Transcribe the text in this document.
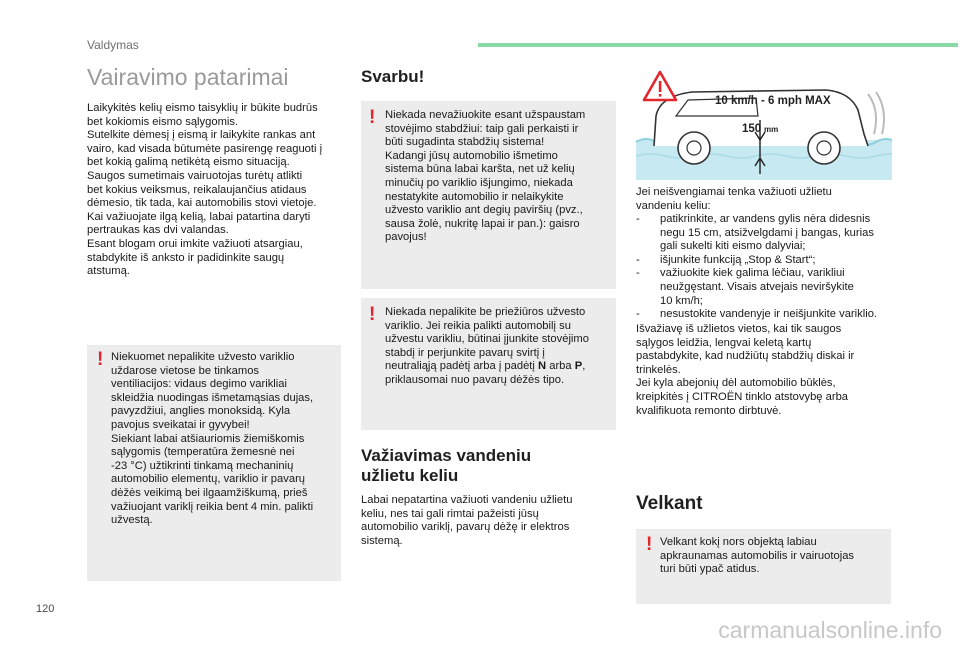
Valdymas
Vairavimo patarimai

Laikykitės kelių eismo taisyklių ir būkite budrūs
bet kokiomis eismo sąlygomis.
Sutelkite dėmesį į eismą ir laikykite rankas ant
vairo, kad visada būtumėte pasirengę reaguoti į
bet kokią galimą netikėtą eismo situaciją.
Saugos sumetimais vairuotojas turėtų atlikti
bet kokius veiksmus, reikalaujančius atidaus
dėmesio, tik tada, kai automobilis stovi vietoje.
Kai važiuojate ilgą kelią, labai patartina daryti
pertraukas kas dvi valandas.
Esant blogam orui imkite važiuoti atsargiau,
stabdykite iš anksto ir padidinkite saugų
atstumą.

! Niekuomet nepalikite užvesto variklio
uždarose vietose be tinkamos
ventiliacijos: vidaus degimo varikliai
skleidžia nuodingas išmetamąsias dujas,
pavyzdžiui, anglies monoksidą. Kyla
pavojus sveikatai ir gyvybei!
Siekiant labai atšiauriomis žiemiškomis
sąlygomis (temperatūra žemesnė nei
-23 °C) užtikrinti tinkamą mechaninių
automobilio elementų, variklio ir pavarų
dėžės veikimą bei ilgaamžiškumą, prieš
važiuojant variklį reikia bent 4 min. palikti
užvestą.

Svarbu!
! Niekada nevažiuokite esant užspaustam
stovėjimo stabdžiui: taip gali perkaisti ir
būti sugadinta stabdžių sistema!
Kadangi jūsų automobilio išmetimo
sistema būna labai karšta, net už kelių
minučių po variklio išjungimo, niekada
nestatykite automobilio ir nelaikykite
užvesto variklio ant degių paviršių (pvz.,
sausa žolė, nukritę lapai ir pan.): gaisro
pavojus!

! Niekada nepalikite be priežiūros užvesto
variklio. Jei reikia palikti automobilį su
užvestu varikliu, būtinai įjunkite stovėjimo
stabdį ir perjunkite pavarų svirtį į
neutraliąją padėtį arba į padėtį N arba P,
priklausomai nuo pavarų dėžės tipo.

Važiavimas vandeniu
užlietu keliu

Labai nepatartina važiuoti vandeniu užlietu
keliu, nes tai gali rimtai pažeisti jūsų
automobilio variklį, pavarų dėžę ir elektros
sistemą.

10 km/h - 6 mph MAX
150 mm

Jei neišvengiamai tenka važiuoti užlietu
vandeniu keliu:

- patikrinkite, ar vandens gylis nėra didesnis
negu 15 cm, atsižvelgdami į bangas, kurias
gali sukelti kiti eismo dalyviai;
- išjunkite funkciją „Stop & Start“;
- važiuokite kiek galima lėčiau, varikliui
neužgęstant. Visais atvejais neviršykite
10 km/h;
- nesustokite vandenyje ir neišjunkite variklio.

Išvažiavę iš užlietos vietos, kai tik saugos
sąlygos leidžia, lengvai keletą kartų
pastabdykite, kad nudžiūtų stabdžių diskai ir
trinkelės.
Jei kyla abejonių dėl automobilio būklės,
kreipkitės į CITROËN tinklo atstovybę arba
kvalifikuota remonto dirbtuvė.

Velkant
! Velkant kokį nors objektą labiau
apkraunamas automobilis ir vairuotojas
turi būti ypač atidus.

120
carmanualsonline.info
